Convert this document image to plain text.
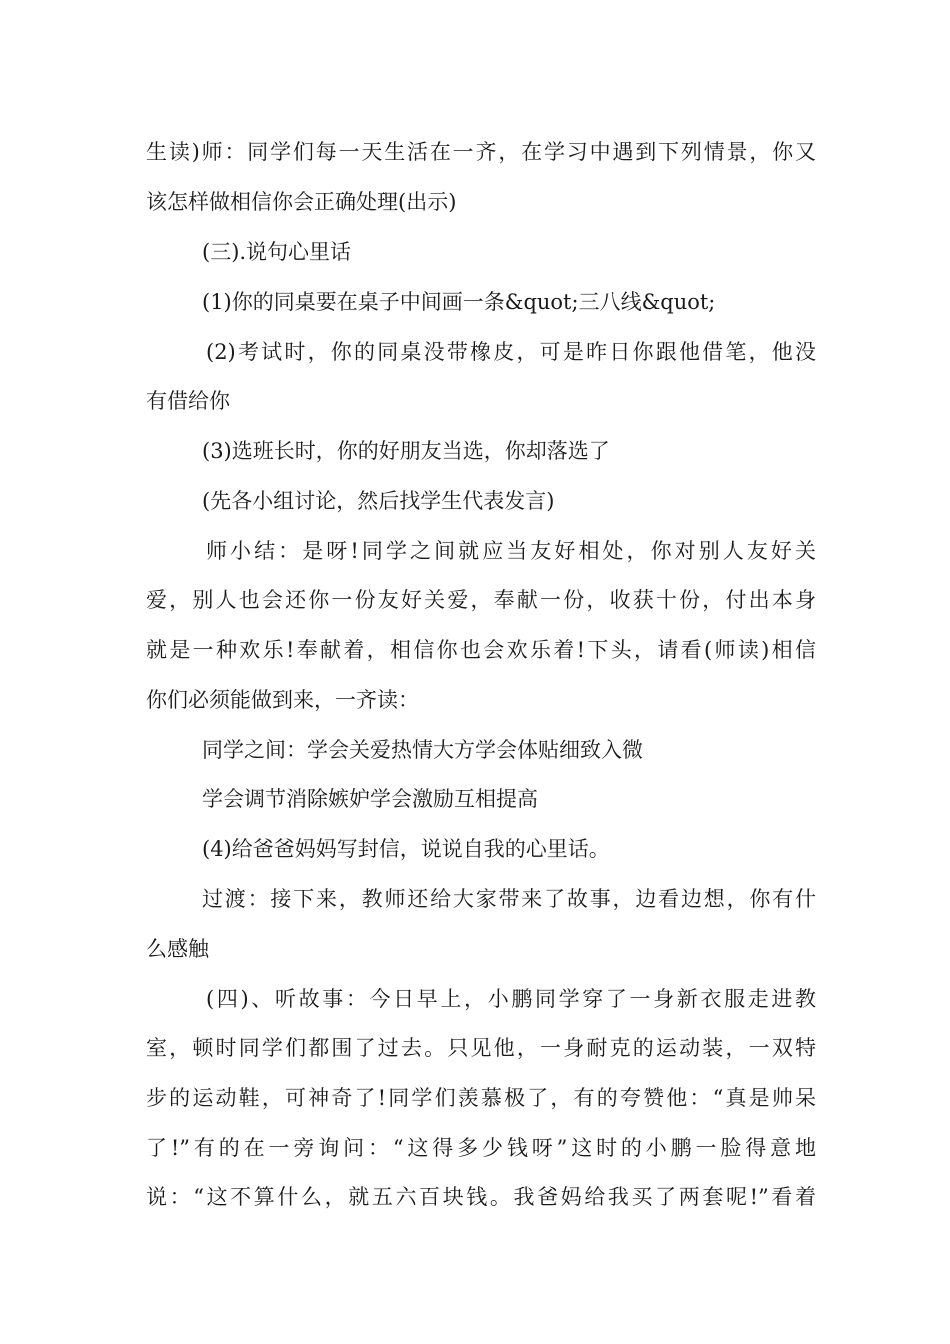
生读)师：同学们每一天生活在一齐，在学习中遇到下列情景，你又
该怎样做相信你会正确处理(出示)
(三).说句心里话
(1)你的同桌要在桌子中间画一条&quot;三八线&quot;
(2)考试时，你的同桌没带橡皮，可是昨日你跟他借笔，他没
有借给你
(3)选班长时，你的好朋友当选，你却落选了
(先各小组讨论，然后找学生代表发言)
师小结：是呀!同学之间就应当友好相处，你对别人友好关
爱，别人也会还你一份友好关爱，奉献一份，收获十份，付出本身
就是一种欢乐!奉献着，相信你也会欢乐着!下头，请看(师读)相信
你们必须能做到来，一齐读：
同学之间：学会关爱热情大方学会体贴细致入微
学会调节消除嫉妒学会激励互相提高
(4)给爸爸妈妈写封信，说说自我的心里话。
过渡：接下来，教师还给大家带来了故事，边看边想，你有什
么感触
(四)、听故事：今日早上，小鹏同学穿了一身新衣服走进教
室，顿时同学们都围了过去。只见他，一身耐克的运动装，一双特
步的运动鞋，可神奇了!同学们羡慕极了，有的夸赞他：“真是帅呆
了!”有的在一旁询问：“这得多少钱呀”这时的小鹏一脸得意地
说：“这不算什么，就五六百块钱。我爸妈给我买了两套呢!”看着
